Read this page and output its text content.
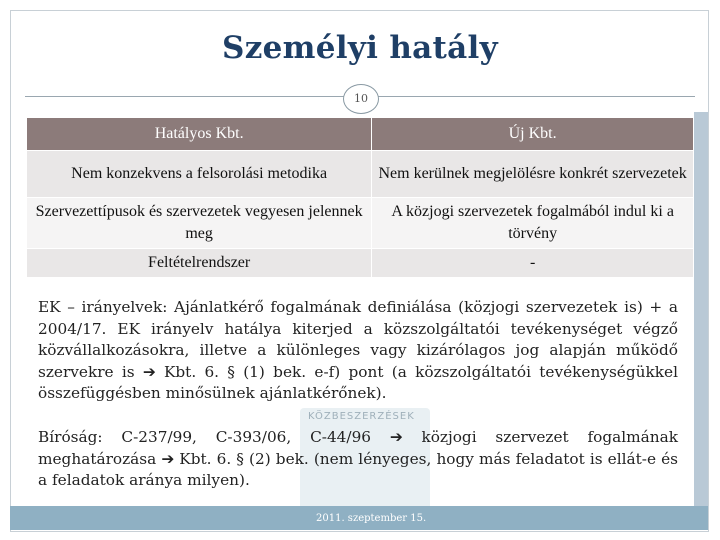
KÖZBESZERZÉSEK
Személyi hatály
10
Hatályos Kbt.	Új Kbt.
Nem konzekvens a felsorolási metodika	Nem kerülnek megjelölésre konkrét szervezetek
Szervezettípusok és szervezetek vegyesen jelennek meg	A közjogi szervezetek fogalmából indul ki a törvény
Feltételrendszer	-
EK – irányelvek: Ajánlatkérő fogalmának definiálása (közjogi szervezetek is) + a 2004/17. EK irányelv hatálya kiterjed a közszolgáltatói tevékenységet végző közvállalkozásokra, illetve a különleges vagy kizárólagos jog alapján működő szervekre is ➔ Kbt. 6. § (1) bek. e-f) pont (a közszolgáltatói tevékenységükkel összefüggésben minősülnek ajánlatkérőnek).
Bíróság: C-237/99, C-393/06, C-44/96 ➔ közjogi szervezet fogalmának meghatározása ➔ Kbt. 6. § (2) bek. (nem lényeges, hogy más feladatot is ellát-e és a feladatok aránya milyen).
2011. szeptember 15.
